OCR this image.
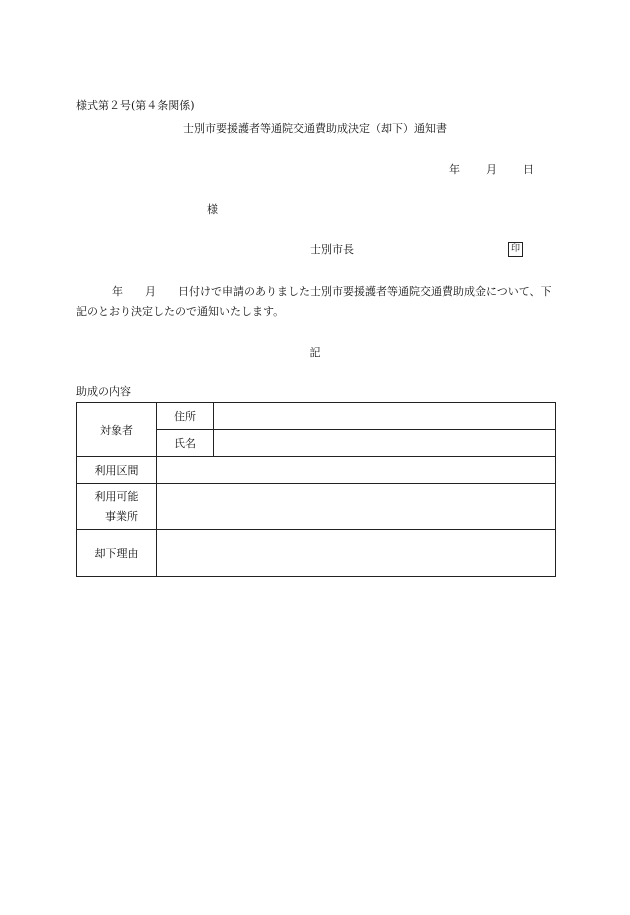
様式第２号(第４条関係)
士別市要援護者等通院交通費助成決定（却下）通知書
年 月 日
様
士別市長	印
年　　月　　日付けで申請のありました士別市要援護者等通院交通費助成金について、下記のとおり決定したので通知いたします。
記
助成の内容
対象者	住所	
	氏名	
利用区間		

利用可能
事業所		

却下理由		
